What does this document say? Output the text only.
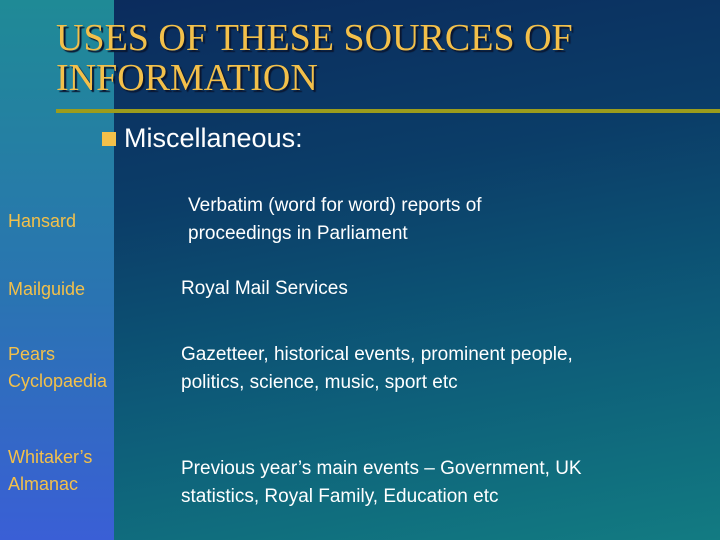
USES OF THESE SOURCES OF INFORMATION
Miscellaneous:
Hansard
Verbatim (word for word) reports of
proceedings in Parliament
Mailguide	Royal Mail Services
Pears
Cyclopaedia
Gazetteer, historical events, prominent people,
politics, science, music, sport etc
Whitaker’s
Almanac
Previous year’s main events – Government, UK
statistics, Royal Family, Education etc
